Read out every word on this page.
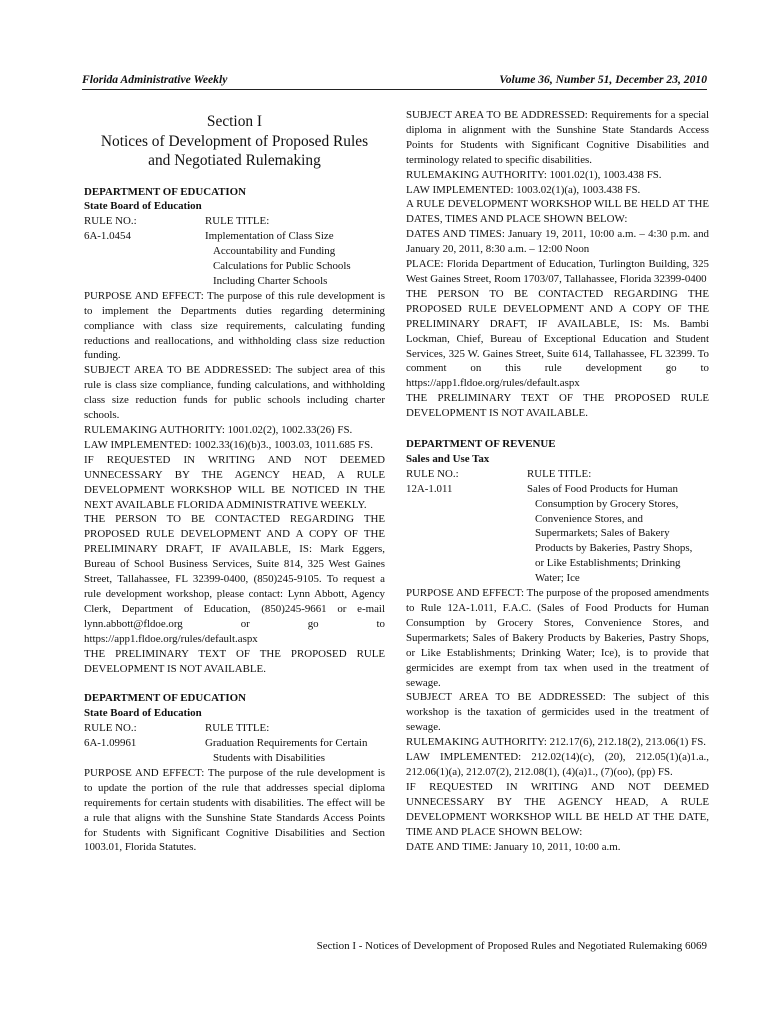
Florida Administrative Weekly	Volume 36, Number 51, December 23, 2010
Section I
Notices of Development of Proposed Rules
and Negotiated Rulemaking

DEPARTMENT OF EDUCATION

State Board of Education

RULE NO.:	RULE TITLE:
6A-1.0454	Implementation of Class Size
Accountability and Funding
Calculations for Public Schools
Including Charter Schools

PURPOSE AND EFFECT: The purpose of this rule development is to implement the Departments duties regarding determining compliance with class size requirements, calculating funding reductions and reallocations, and withholding class size reduction funding.

SUBJECT AREA TO BE ADDRESSED: The subject area of this rule is class size compliance, funding calculations, and withholding class size reduction funds for public schools including charter schools.

RULEMAKING AUTHORITY: 1001.02(2), 1002.33(26) FS.

LAW IMPLEMENTED: 1002.33(16)(b)3., 1003.03, 1011.685 FS.

IF REQUESTED IN WRITING AND NOT DEEMED UNNECESSARY BY THE AGENCY HEAD, A RULE DEVELOPMENT WORKSHOP WILL BE NOTICED IN THE NEXT AVAILABLE FLORIDA ADMINISTRATIVE WEEKLY.

THE PERSON TO BE CONTACTED REGARDING THE PROPOSED RULE DEVELOPMENT AND A COPY OF THE PRELIMINARY DRAFT, IF AVAILABLE, IS: Mark Eggers, Bureau of School Business Services, Suite 814, 325 West Gaines Street, Tallahassee, FL 32399-0400, (850)245-9105. To request a rule development workshop, please contact: Lynn Abbott, Agency Clerk, Department of Education, (850)245-9661 or e-mail lynn.abbott@fldoe.org or go to https://app1.fldoe.org/rules/default.aspx

THE PRELIMINARY TEXT OF THE PROPOSED RULE DEVELOPMENT IS NOT AVAILABLE.

DEPARTMENT OF EDUCATION

State Board of Education

RULE NO.:	RULE TITLE:
6A-1.09961	Graduation Requirements for Certain
Students with Disabilities

PURPOSE AND EFFECT: The purpose of the rule development is to update the portion of the rule that addresses special diploma requirements for certain students with disabilities. The effect will be a rule that aligns with the Sunshine State Standards Access Points for Students with Significant Cognitive Disabilities and Section 1003.01, Florida Statutes.

SUBJECT AREA TO BE ADDRESSED: Requirements for a special diploma in alignment with the Sunshine State Standards Access Points for Students with Significant Cognitive Disabilities and terminology related to specific disabilities.

RULEMAKING AUTHORITY: 1001.02(1), 1003.438 FS.

LAW IMPLEMENTED: 1003.02(1)(a), 1003.438 FS.

A RULE DEVELOPMENT WORKSHOP WILL BE HELD AT THE DATES, TIMES AND PLACE SHOWN BELOW:

DATES AND TIMES: January 19, 2011, 10:00 a.m. – 4:30 p.m. and January 20, 2011, 8:30 a.m. – 12:00 Noon

PLACE: Florida Department of Education, Turlington Building, 325 West Gaines Street, Room 1703/07, Tallahassee, Florida 32399-0400

THE PERSON TO BE CONTACTED REGARDING THE PROPOSED RULE DEVELOPMENT AND A COPY OF THE PRELIMINARY DRAFT, IF AVAILABLE, IS: Ms. Bambi Lockman, Chief, Bureau of Exceptional Education and Student Services, 325 W. Gaines Street, Suite 614, Tallahassee, FL 32399. To comment on this rule development go to https://app1.fldoe.org/rules/default.aspx

THE PRELIMINARY TEXT OF THE PROPOSED RULE DEVELOPMENT IS NOT AVAILABLE.

DEPARTMENT OF REVENUE

Sales and Use Tax

RULE NO.:	RULE TITLE:
12A-1.011	Sales of Food Products for Human
Consumption by Grocery Stores,
Convenience Stores, and
Supermarkets; Sales of Bakery
Products by Bakeries, Pastry Shops,
or Like Establishments; Drinking
Water; Ice

PURPOSE AND EFFECT: The purpose of the proposed amendments to Rule 12A-1.011, F.A.C. (Sales of Food Products for Human Consumption by Grocery Stores, Convenience Stores, and Supermarkets; Sales of Bakery Products by Bakeries, Pastry Shops, or Like Establishments; Drinking Water; Ice), is to provide that germicides are exempt from tax when used in the treatment of sewage.

SUBJECT AREA TO BE ADDRESSED: The subject of this workshop is the taxation of germicides used in the treatment of sewage.

RULEMAKING AUTHORITY: 212.17(6), 212.18(2), 213.06(1) FS.

LAW IMPLEMENTED: 212.02(14)(c), (20), 212.05(1)(a)1.a., 212.06(1)(a), 212.07(2), 212.08(1), (4)(a)1., (7)(oo), (pp) FS.

IF REQUESTED IN WRITING AND NOT DEEMED UNNECESSARY BY THE AGENCY HEAD, A RULE DEVELOPMENT WORKSHOP WILL BE HELD AT THE DATE, TIME AND PLACE SHOWN BELOW:

DATE AND TIME: January 10, 2011, 10:00 a.m.

Section I - Notices of Development of Proposed Rules and Negotiated Rulemaking 6069
